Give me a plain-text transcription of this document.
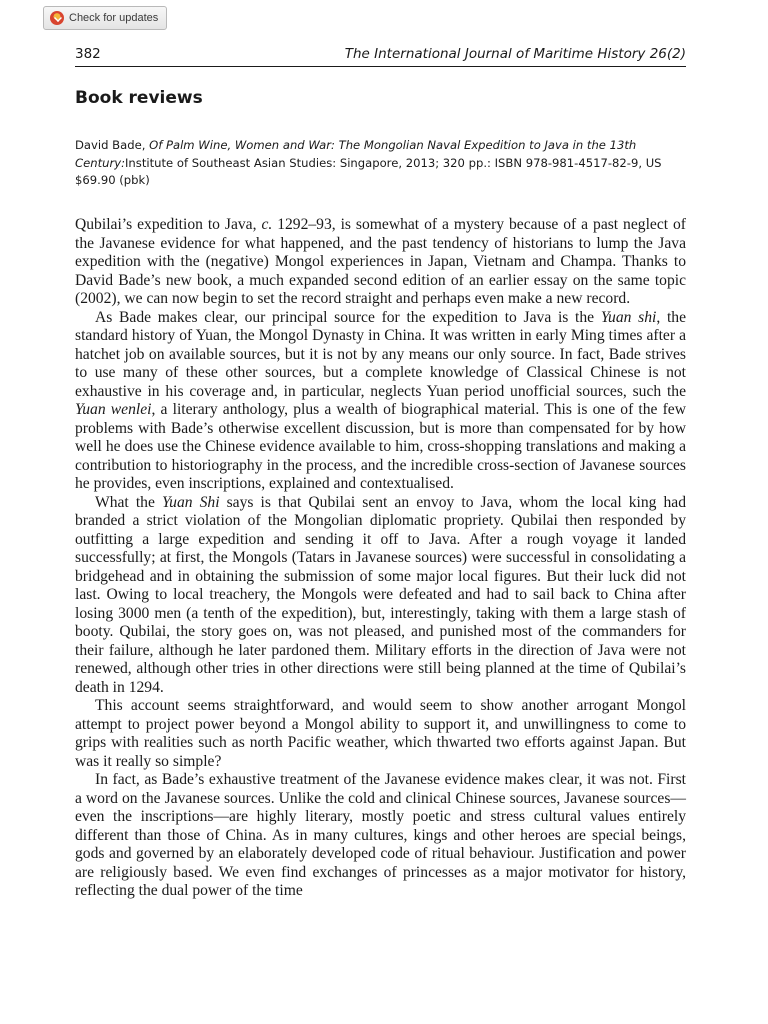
Check for updates
382	The International Journal of Maritime History 26(2)
Book reviews
David Bade, Of Palm Wine, Women and War: The Mongolian Naval Expedition to Java in the 13th Century:Institute of Southeast Asian Studies: Singapore, 2013; 320 pp.: ISBN 978-981-4517-82-9, US $69.90 (pbk)

Qubilai’s expedition to Java, c. 1292–93, is somewhat of a mystery because of a past neglect of the Javanese evidence for what happened, and the past tendency of historians to lump the Java expedition with the (negative) Mongol experiences in Japan, Vietnam and Champa. Thanks to David Bade’s new book, a much expanded second edition of an earlier essay on the same topic (2002), we can now begin to set the record straight and perhaps even make a new record.

As Bade makes clear, our principal source for the expedition to Java is the Yuan shi, the standard history of Yuan, the Mongol Dynasty in China. It was written in early Ming times after a hatchet job on available sources, but it is not by any means our only source. In fact, Bade strives to use many of these other sources, but a complete knowledge of Classical Chinese is not exhaustive in his coverage and, in particular, neglects Yuan period unofficial sources, such the Yuan wenlei, a literary anthology, plus a wealth of biographical material. This is one of the few problems with Bade’s otherwise excellent discussion, but is more than compensated for by how well he does use the Chinese evidence available to him, cross-shopping translations and making a contribution to historiography in the process, and the incredible cross-section of Javanese sources he provides, even inscriptions, explained and contextualised.

What the Yuan Shi says is that Qubilai sent an envoy to Java, whom the local king had branded a strict violation of the Mongolian diplomatic propriety. Qubilai then responded by outfitting a large expedition and sending it off to Java. After a rough voyage it landed successfully; at first, the Mongols (Tatars in Javanese sources) were successful in consolidating a bridgehead and in obtaining the submission of some major local figures. But their luck did not last. Owing to local treachery, the Mongols were defeated and had to sail back to China after losing 3000 men (a tenth of the expedition), but, interestingly, taking with them a large stash of booty. Qubilai, the story goes on, was not pleased, and punished most of the commanders for their failure, although he later pardoned them. Military efforts in the direction of Java were not renewed, although other tries in other directions were still being planned at the time of Qubilai’s death in 1294.

This account seems straightforward, and would seem to show another arrogant Mongol attempt to project power beyond a Mongol ability to support it, and unwillingness to come to grips with realities such as north Pacific weather, which thwarted two efforts against Japan. But was it really so simple?

In fact, as Bade’s exhaustive treatment of the Javanese evidence makes clear, it was not. First a word on the Javanese sources. Unlike the cold and clinical Chinese sources, Javanese sources—even the inscriptions—are highly literary, mostly poetic and stress cultural values entirely different than those of China. As in many cultures, kings and other heroes are special beings, gods and governed by an elaborately developed code of ritual behaviour. Justification and power are religiously based. We even find exchanges of princesses as a major motivator for history, reflecting the dual power of the time
